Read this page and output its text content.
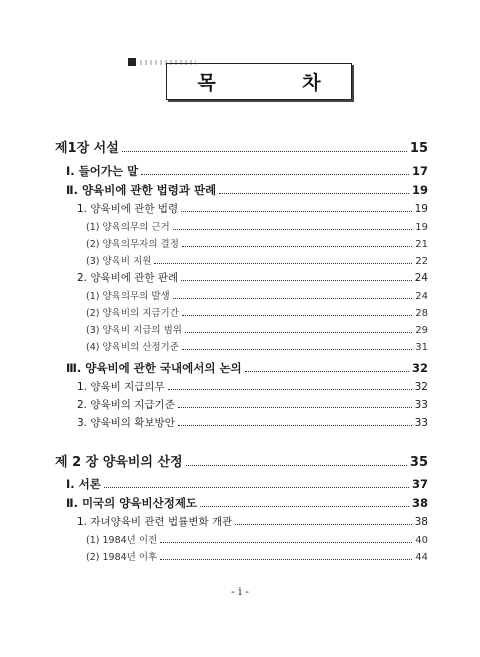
목 차
제1장 서설	15
Ⅰ. 들어가는 말	17
Ⅱ. 양육비에 관한 법령과 판례	19
1. 양육비에 관한 법령	19
(1) 양육의무의 근거	19
(2) 양육의무자의 결정	21
(3) 양육비 지원	22
2. 양육비에 관한 판례	24
(1) 양육의무의 발생	24
(2) 양육비의 지급기간	28
(3) 양육비 지급의 범위	29
(4) 양육비의 산정기준	31
Ⅲ. 양육비에 관한 국내에서의 논의	32
1. 양육비 지급의무	32
2. 양육비의 지급기준	33
3. 양육비의 확보방안	33
제 2 장 양육비의 산정	35
Ⅰ. 서론	37
Ⅱ. 미국의 양육비산정제도	38
1. 자녀양육비 관련 법률변화 개관	38
(1) 1984년 이전	40
(2) 1984년 이후	44
- i -
